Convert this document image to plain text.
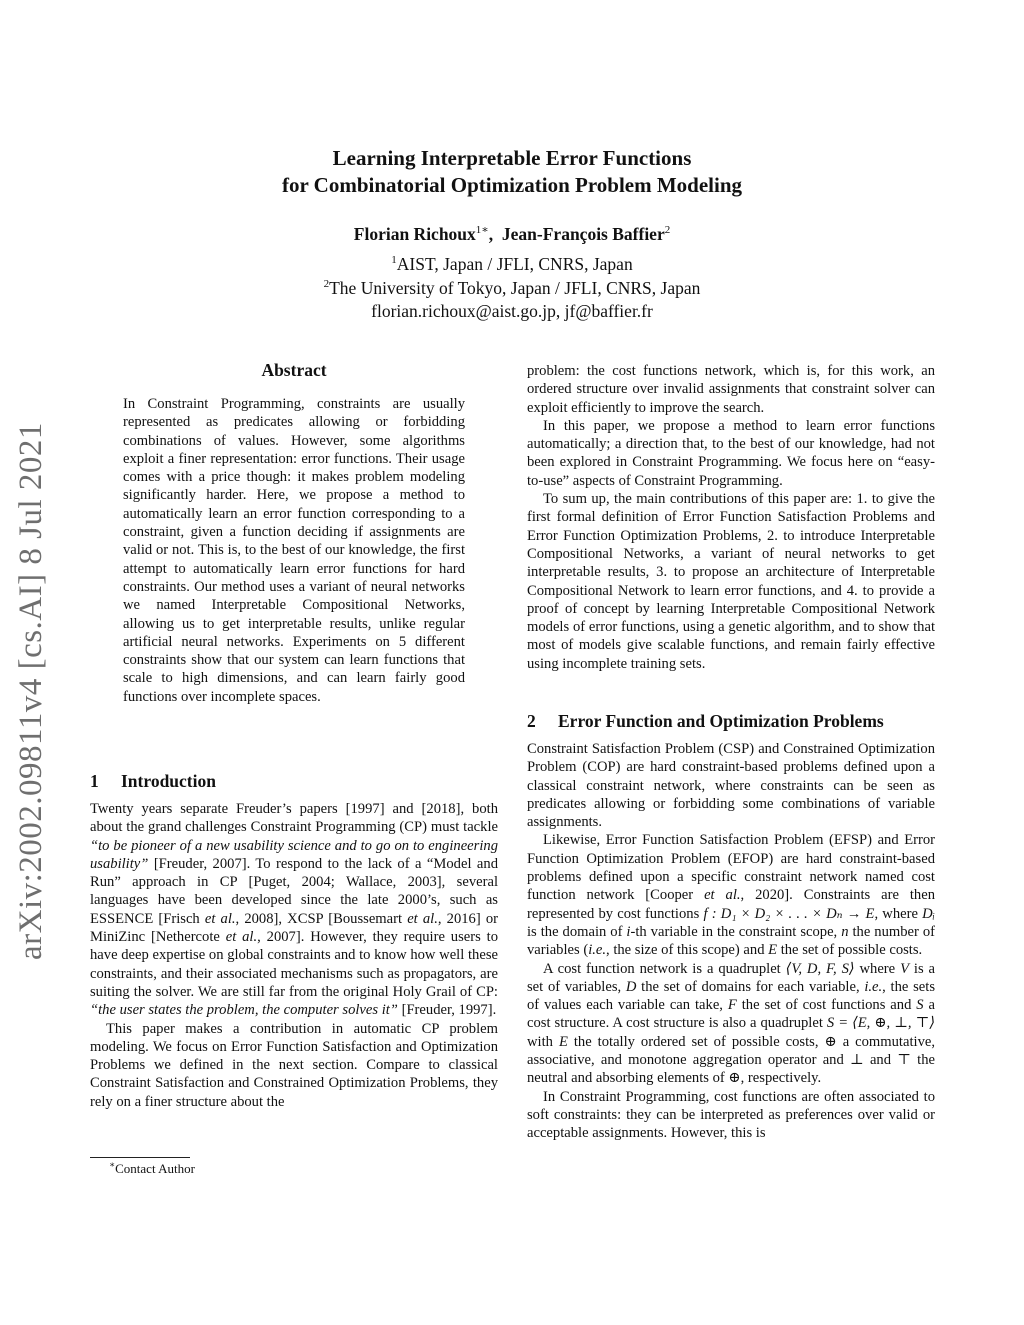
arXiv:2002.09811v4 [cs.AI] 8 Jul 2021
Learning Interpretable Error Functions
for Combinatorial Optimization Problem Modeling
Florian Richoux$^{1∗}$,  Jean-François Baffier$^2$
$^1$AIST, Japan / JFLI, CNRS, Japan
$^2$The University of Tokyo, Japan / JFLI, CNRS, Japan
florian.richoux@aist.go.jp, jf@baffier.fr
Abstract
In Constraint Programming, constraints are usually represented as predicates allowing or forbidding combinations of values. However, some algorithms exploit a finer representation: error functions. Their usage comes with a price though: it makes problem modeling significantly harder. Here, we propose a method to automatically learn an error function corresponding to a constraint, given a function deciding if assignments are valid or not. This is, to the best of our knowledge, the first attempt to automatically learn error functions for hard constraints. Our method uses a variant of neural networks we named Interpretable Compositional Networks, allowing us to get interpretable results, unlike regular artificial neural networks. Experiments on 5 different constraints show that our system can learn functions that scale to high dimensions, and can learn fairly good functions over incomplete spaces.
1 Introduction

Twenty years separate Freuder’s papers [1997] and [2018], both about the grand challenges Constraint Programming (CP) must tackle “to be pioneer of a new usability science and to go on to engineering usability” [Freuder, 2007]. To respond to the lack of a “Model and Run” approach in CP [Puget, 2004; Wallace, 2003], several languages have been developed since the late 2000’s, such as ESSENCE [Frisch et al., 2008], XCSP [Boussemart et al., 2016] or MiniZinc [Nethercote et al., 2007]. However, they require users to have deep expertise on global constraints and to know how well these constraints, and their associated mechanisms such as propagators, are suiting the solver. We are still far from the original Holy Grail of CP: “the user states the problem, the computer solves it” [Freuder, 1997].

This paper makes a contribution in automatic CP problem modeling. We focus on Error Function Satisfaction and Optimization Problems we defined in the next section. Compare to classical Constraint Satisfaction and Constrained Optimization Problems, they rely on a finer structure about the

∗Contact Author

problem: the cost functions network, which is, for this work, an ordered structure over invalid assignments that constraint solver can exploit efficiently to improve the search.

In this paper, we propose a method to learn error functions automatically; a direction that, to the best of our knowledge, had not been explored in Constraint Programming. We focus here on “easy-to-use” aspects of Constraint Programming.

To sum up, the main contributions of this paper are: 1. to give the first formal definition of Error Function Satisfaction Problems and Error Function Optimization Problems, 2. to introduce Interpretable Compositional Networks, a variant of neural networks to get interpretable results, 3. to propose an architecture of Interpretable Compositional Network to learn error functions, and 4. to provide a proof of concept by learning Interpretable Compositional Network models of error functions, using a genetic algorithm, and to show that most of models give scalable functions, and remain fairly effective using incomplete training sets.

2 Error Function and Optimization Problems

Constraint Satisfaction Problem (CSP) and Constrained Optimization Problem (COP) are hard constraint-based problems defined upon a classical constraint network, where constraints can be seen as predicates allowing or forbidding some combinations of variable assignments.

Likewise, Error Function Satisfaction Problem (EFSP) and Error Function Optimization Problem (EFOP) are hard constraint-based problems defined upon a specific constraint network named cost function network [Cooper et al., 2020]. Constraints are then represented by cost functions f : D₁ × D₂ × . . . × Dₙ → E, where Dᵢ is the domain of i-th variable in the constraint scope, n the number of variables (i.e., the size of this scope) and E the set of possible costs.

A cost function network is a quadruplet ⟨V, D, F, S⟩ where V is a set of variables, D the set of domains for each variable, i.e., the sets of values each variable can take, F the set of cost functions and S a cost structure. A cost structure is also a quadruplet S = ⟨E, ⊕, ⊥, ⊤⟩ with E the totally ordered set of possible costs, ⊕ a commutative, associative, and monotone aggregation operator and ⊥ and ⊤ the neutral and absorbing elements of ⊕, respectively.

In Constraint Programming, cost functions are often associated to soft constraints: they can be interpreted as preferences over valid or acceptable assignments. However, this is
